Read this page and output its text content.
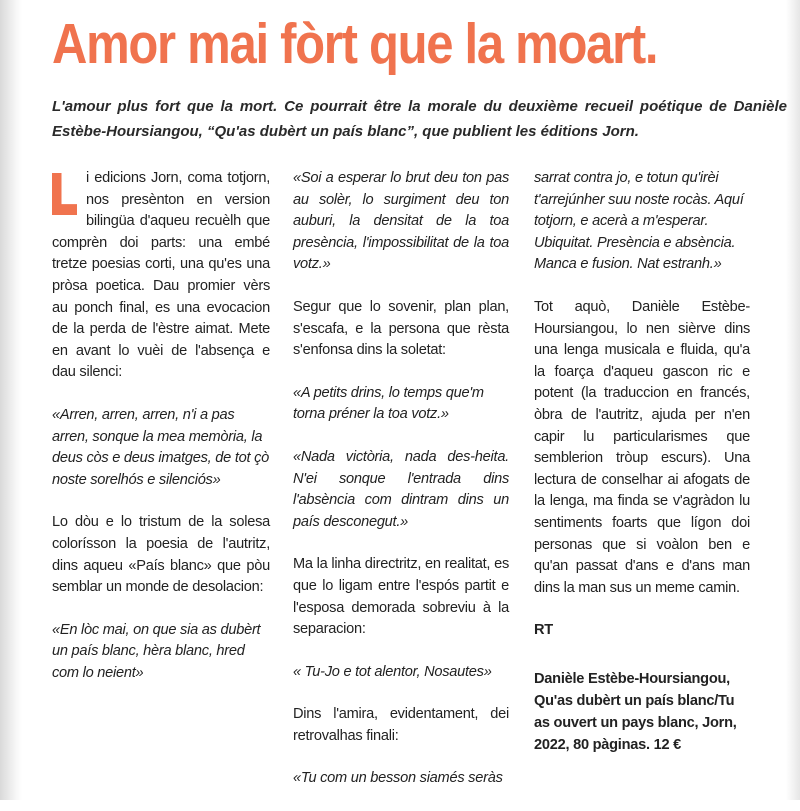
Amor mai fòrt que la moart.

L'amour plus fort que la mort. Ce pourrait être la morale du deuxième recueil poétique de Danièle Estèbe-Hoursiangou, “Qu'as dubèrt un país blanc”, que publient les éditions Jorn.

i edicions Jorn, coma totjorn, nos presènton en version bilingüa d'aqueu recuèlh que comprèn doi parts: una embé tretze poesias corti, una qu'es una pròsa poetica. Dau promier vèrs au ponch final, es una evocacion de la perda de l'èstre aimat. Mete en avant lo vuèi de l'absença e dau silenci:

«Arren, arren, arren, n'i a pas arren, sonque la mea memòria, la deus còs e deus imatges, de tot çò noste sorelhós e silenciós»

Lo dòu e lo tristum de la solesa colorísson la poesia de l'autritz, dins aqueu «País blanc» que pòu semblar un monde de desolacion:

«En lòc mai, on que sia as dubèrt un país blanc, hèra blanc, hred com lo neient»

«Soi a esperar lo brut deu ton pas au solèr, lo surgiment deu ton auburi, la densitat de la toa presència, l'impossibilitat de la toa votz.»

Segur que lo sovenir, plan plan, s'escafa, e la persona que rèsta s'enfonsa dins la soletat:

«A petits drins, lo temps que'm torna préner la toa votz.»

«Nada victòria, nada des-heita. N'ei sonque l'entrada dins l'absència com dintram dins un país desconegut.»

Ma la linha directritz, en realitat, es que lo ligam entre l'espós partit e l'esposa demorada sobreviu à la separacion:

« Tu-Jo e tot alentor, Nosautes»

Dins l'amira, evidentament, dei retrovalhas finali:

«Tu com un besson siamés seràs

sarrat contra jo, e totun qu'irèi t'arrejúnher suu noste rocàs. Aquí totjorn, e acerà a m'esperar. Ubiquitat. Presència e absència. Manca e fusion. Nat estranh.»

Tot aquò, Danièle Estèbe-Hoursiangou, lo nen sièrve dins una lenga musicala e fluida, qu'a la foarça d'aqueu gascon ric e potent (la traduccion en francés, òbra de l'autritz, ajuda per n'en capir lu particularismes que semblerion tròup escurs). Una lectura de conselhar ai afogats de la lenga, ma finda se v'agràdon lu sentiments foarts que lígon doi personas que si voàlon ben e qu'an passat d'ans e d'ans man dins la man sus un meme camin.

RT

Danièle Estèbe-Hoursiangou, Qu'as dubèrt un país blanc/Tu as ouvert un pays blanc, Jorn, 2022, 80 pàginas. 12 €
